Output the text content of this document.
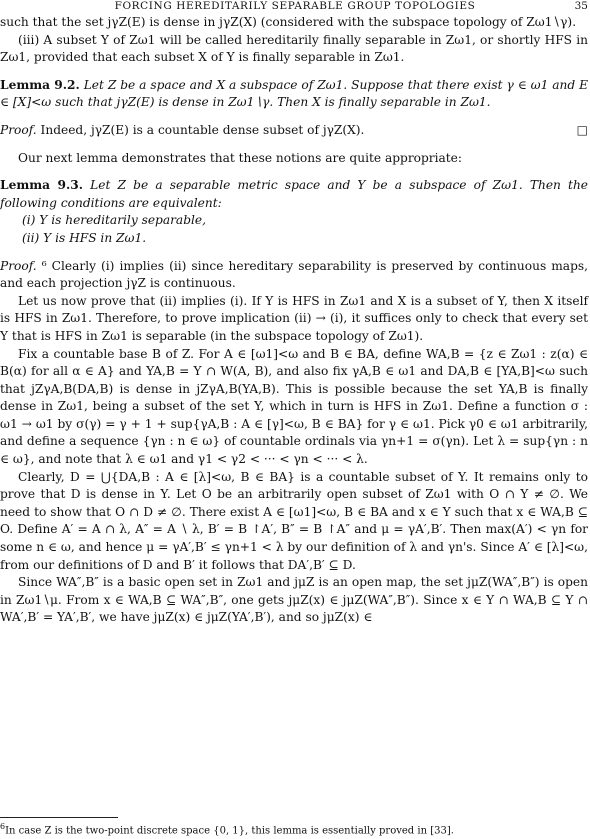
FORCING HEREDITARILY SEPARABLE GROUP TOPOLOGIES	35

such that the set jγZ(E) is dense in jγZ(X) (considered with the subspace topology of Zω1∖γ).

(iii) A subset Y of Zω1 will be called hereditarily finally separable in Zω1, or shortly HFS in Zω1, provided that each subset X of Y is finally separable in Zω1.

Lemma 9.2. Let Z be a space and X a subspace of Zω1. Suppose that there exist γ ∈ ω1 and E ∈ [X]<ω such that jγZ(E) is dense in Zω1∖γ. Then X is finally separable in Zω1.

Proof. Indeed, jγZ(E) is a countable dense subset of jγZ(X).	□

Our next lemma demonstrates that these notions are quite appropriate:

Lemma 9.3. Let Z be a separable metric space and Y be a subspace of Zω1. Then the following conditions are equivalent:

(i) Y is hereditarily separable,

(ii) Y is HFS in Zω1.

Proof. ⁶ Clearly (i) implies (ii) since hereditary separability is preserved by continuous maps, and each projection jγZ is continuous.

Let us now prove that (ii) implies (i). If Y is HFS in Zω1 and X is a subset of Y, then X itself is HFS in Zω1. Therefore, to prove implication (ii) → (i), it suffices only to check that every set Y that is HFS in Zω1 is separable (in the subspace topology of Zω1).

Fix a countable base B of Z. For A ∈ [ω1]<ω and B ∈ BA, define WA,B = {z ∈ Zω1 : z(α) ∈ B(α) for all α ∈ A} and YA,B = Y ∩ W(A, B), and also fix γA,B ∈ ω1 and DA,B ∈ [YA,B]<ω such that jZγA,B(DA,B) is dense in jZγA,B(YA,B). This is possible because the set YA,B is finally dense in Zω1, being a subset of the set Y, which in turn is HFS in Zω1. Define a function σ : ω1 → ω1 by σ(γ) = γ + 1 + sup{γA,B : A ∈ [γ]<ω, B ∈ BA} for γ ∈ ω1. Pick γ0 ∈ ω1 arbitrarily, and define a sequence {γn : n ∈ ω} of countable ordinals via γn+1 = σ(γn). Let λ = sup{γn : n ∈ ω}, and note that λ ∈ ω1 and γ1 < γ2 < ··· < γn < ··· < λ.

Clearly, D = ⋃{DA,B : A ∈ [λ]<ω, B ∈ BA} is a countable subset of Y. It remains only to prove that D is dense in Y. Let O be an arbitrarily open subset of Zω1 with O ∩ Y ≠ ∅. We need to show that O ∩ D ≠ ∅. There exist A ∈ [ω1]<ω, B ∈ BA and x ∈ Y such that x ∈ WA,B ⊆ O. Define A′ = A ∩ λ, A″ = A ∖ λ, B′ = B ↾A′, B″ = B ↾A″ and μ = γA′,B′. Then max(A′) < γn for some n ∈ ω, and hence μ = γA′,B′ ≤ γn+1 < λ by our definition of λ and γn's. Since A′ ∈ [λ]<ω, from our definitions of D and B′ it follows that DA′,B′ ⊆ D.

Since WA″,B″ is a basic open set in Zω1 and jμZ is an open map, the set jμZ(WA″,B″) is open in Zω1∖μ. From x ∈ WA,B ⊆ WA″,B″, one gets jμZ(x) ∈ jμZ(WA″,B″). Since x ∈ Y ∩ WA,B ⊆ Y ∩ WA′,B′ = YA′,B′, we have jμZ(x) ∈ jμZ(YA′,B′), and so jμZ(x) ∈

$^6$In case Z is the two-point discrete space {0, 1}, this lemma is essentially proved in [33].
